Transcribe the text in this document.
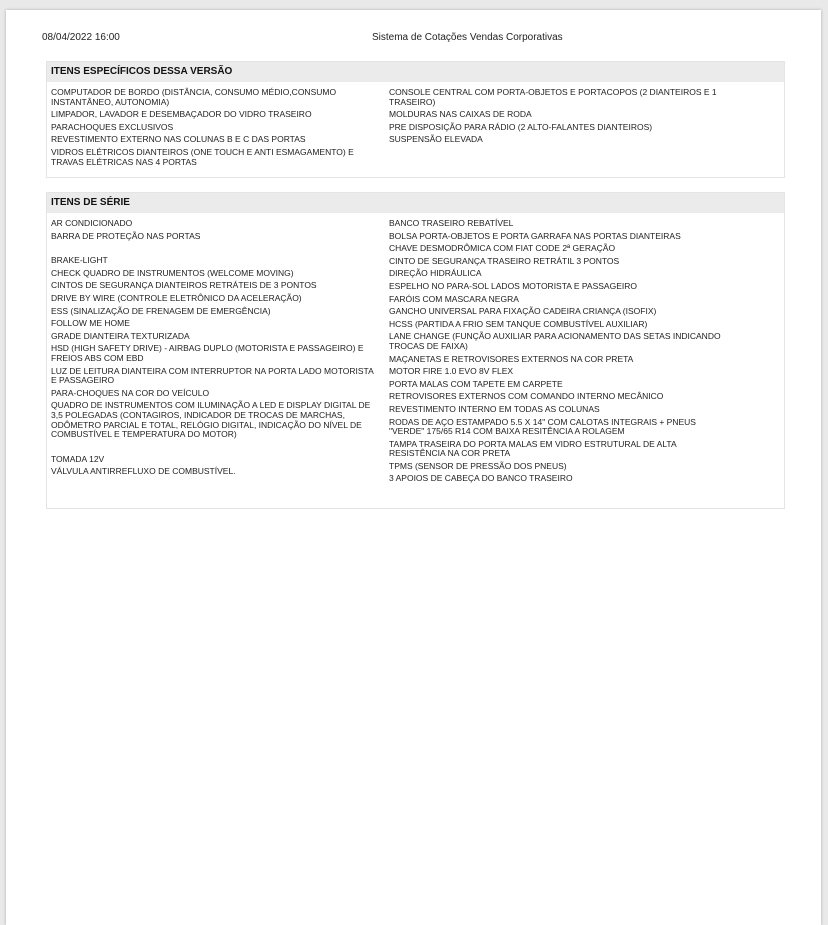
08/04/2022 16:00	Sistema de Cotações Vendas Corporativas
ITENS ESPECÍFICOS DESSA VERSÃO
COMPUTADOR DE BORDO (DISTÂNCIA, CONSUMO MÉDIO,CONSUMO INSTANTÂNEO, AUTONOMIA)
LIMPADOR, LAVADOR E DESEMBAÇADOR DO VIDRO TRASEIRO
PARACHOQUES EXCLUSIVOS
REVESTIMENTO EXTERNO NAS COLUNAS B E C DAS PORTAS
VIDROS ELÉTRICOS DIANTEIROS (ONE TOUCH E ANTI ESMAGAMENTO) E TRAVAS ELÉTRICAS NAS 4 PORTAS
CONSOLE CENTRAL COM PORTA-OBJETOS E PORTACOPOS (2 DIANTEIROS E 1 TRASEIRO)
MOLDURAS NAS CAIXAS DE RODA
PRE DISPOSIÇÃO PARA RÁDIO (2 ALTO-FALANTES DIANTEIROS)
SUSPENSÃO ELEVADA
ITENS DE SÉRIE
AR CONDICIONADO
BARRA DE PROTEÇÃO NAS PORTAS
BRAKE-LIGHT
CHECK QUADRO DE INSTRUMENTOS (WELCOME MOVING)
CINTOS DE SEGURANÇA DIANTEIROS RETRÁTEIS DE 3 PONTOS
DRIVE BY WIRE (CONTROLE ELETRÔNICO DA ACELERAÇÃO)
ESS (SINALIZAÇÃO DE FRENAGEM DE EMERGÊNCIA)
FOLLOW ME HOME
GRADE DIANTEIRA TEXTURIZADA
HSD (HIGH SAFETY DRIVE) - AIRBAG DUPLO (MOTORISTA E PASSAGEIRO) E FREIOS ABS COM EBD
LUZ DE LEITURA DIANTEIRA COM INTERRUPTOR NA PORTA LADO MOTORISTA E PASSAGEIRO
PARA-CHOQUES NA COR DO VEÍCULO
QUADRO DE INSTRUMENTOS COM ILUMINAÇÃO A LED E DISPLAY DIGITAL DE 3,5 POLEGADAS (CONTAGIROS, INDICADOR DE TROCAS DE MARCHAS, ODÔMETRO PARCIAL E TOTAL, RELÓGIO DIGITAL, INDICAÇÃO DO NÍVEL DE COMBUSTÍVEL E TEMPERATURA DO MOTOR)
TOMADA 12V
VÁLVULA ANTIRREFLUXO DE COMBUSTÍVEL.
BANCO TRASEIRO REBATÍVEL
BOLSA PORTA-OBJETOS E PORTA GARRAFA NAS PORTAS DIANTEIRAS
CHAVE DESMODRÔMICA COM FIAT CODE 2ª GERAÇÃO
CINTO DE SEGURANÇA TRASEIRO RETRÁTIL 3 PONTOS
DIREÇÃO HIDRÁULICA
ESPELHO NO PARA-SOL LADOS MOTORISTA E PASSAGEIRO
FARÓIS COM MASCARA NEGRA
GANCHO UNIVERSAL PARA FIXAÇÃO CADEIRA CRIANÇA (ISOFIX)
HCSS (PARTIDA A FRIO SEM TANQUE COMBUSTÍVEL AUXILIAR)
LANE CHANGE (FUNÇÃO AUXILIAR PARA ACIONAMENTO DAS SETAS INDICANDO TROCAS DE FAIXA)
MAÇANETAS E RETROVISORES EXTERNOS NA COR PRETA
MOTOR FIRE 1.0 EVO 8V FLEX
PORTA MALAS COM TAPETE EM CARPETE
RETROVISORES EXTERNOS COM COMANDO INTERNO MECÂNICO
REVESTIMENTO INTERNO EM TODAS AS COLUNAS
RODAS DE AÇO ESTAMPADO 5.5 X 14" COM CALOTAS INTEGRAIS + PNEUS "VERDE" 175/65 R14 COM BAIXA RESITÊNCIA A ROLAGEM
TAMPA TRASEIRA DO PORTA MALAS EM VIDRO ESTRUTURAL DE ALTA RESISTÊNCIA NA COR PRETA
TPMS (SENSOR DE PRESSÃO DOS PNEUS)
3 APOIOS DE CABEÇA DO BANCO TRASEIRO
